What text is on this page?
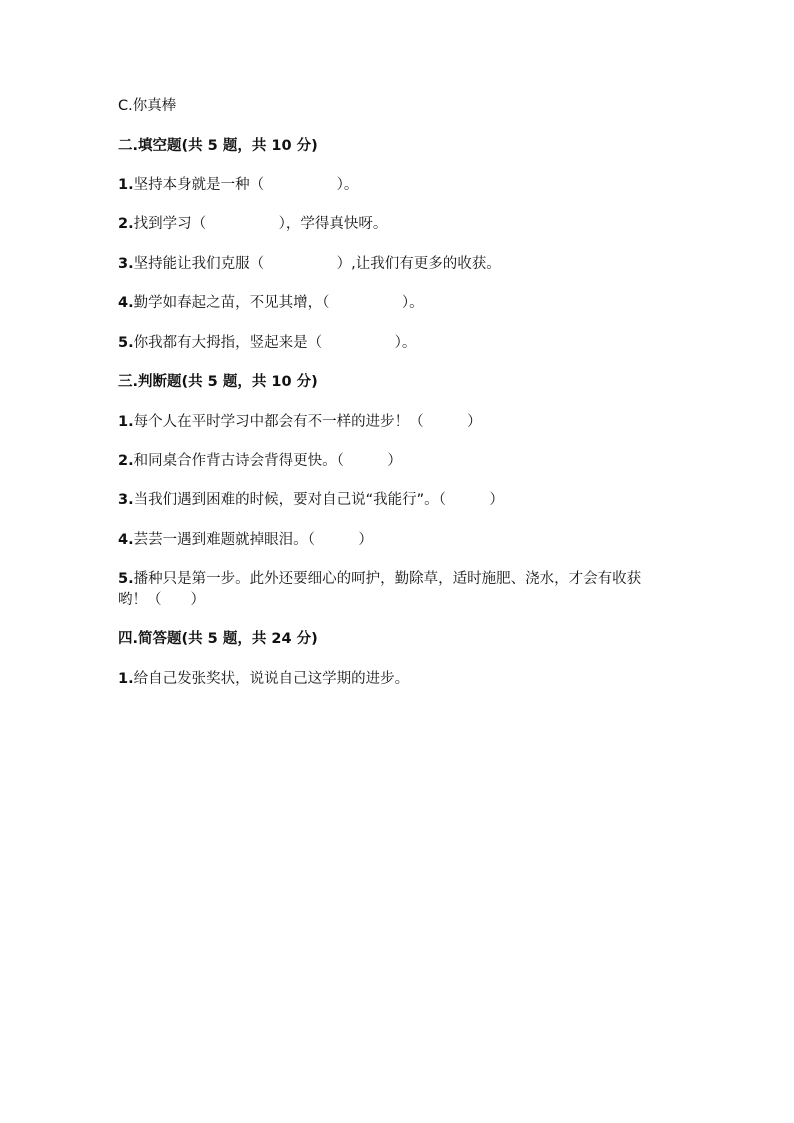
C.你真棒
二.填空题(共 5 题，共 10 分)
1.坚持本身就是一种（　　　　　）。
2.找到学习（　　　　　），学得真快呀。
3.坚持能让我们克服（　　　　　）,让我们有更多的收获。
4.勤学如春起之苗，不见其增，（　　　　　）。
5.你我都有大拇指，竖起来是（　　　　　）。
三.判断题(共 5 题，共 10 分)
1.每个人在平时学习中都会有不一样的进步！（　　　）
2.和同桌合作背古诗会背得更快。（　　　）
3.当我们遇到困难的时候，要对自己说“我能行”。（　　　）
4.芸芸一遇到难题就掉眼泪。（　　　）
5.播种只是第一步。此外还要细心的呵护，勤除草，适时施肥、浇水，才会有收获哟！（　　）
四.简答题(共 5 题，共 24 分)
1.给自己发张奖状，说说自己这学期的进步。
